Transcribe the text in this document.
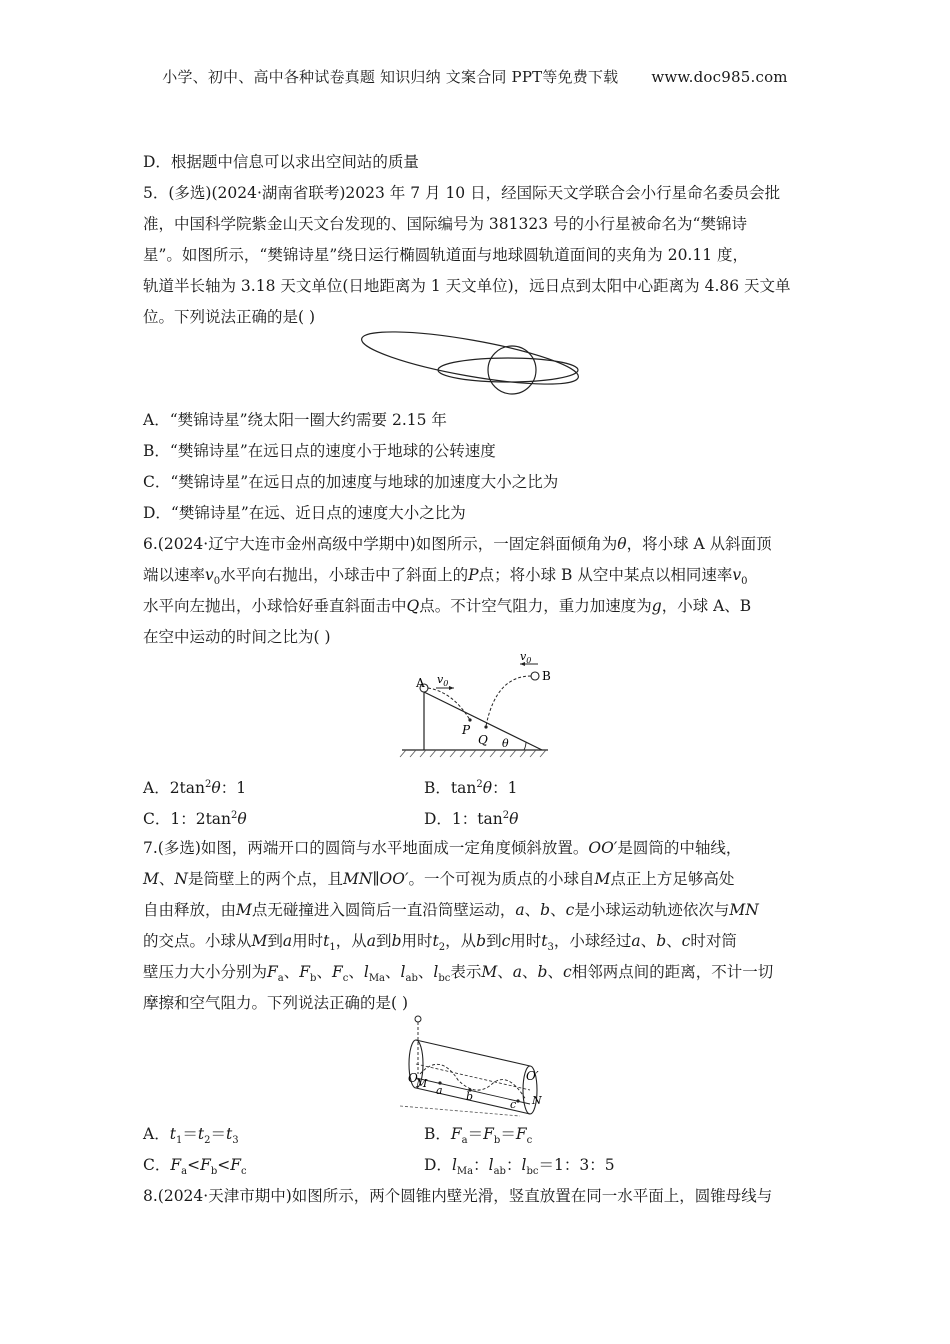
小学、初中、高中各种试卷真题 知识归纳 文案合同 PPT等免费下载 www.doc985.com
D．根据题中信息可以求出空间站的质量
5．(多选)(2024·湖南省联考)2023 年 7 月 10 日，经国际天文学联合会小行星命名委员会批
准，中国科学院紫金山天文台发现的、国际编号为 381323 号的小行星被命名为“樊锦诗
星”。如图所示，“樊锦诗星”绕日运行椭圆轨道面与地球圆轨道面间的夹角为 20.11 度，
轨道半长轴为 3.18 天文单位(日地距离为 1 天文单位)，远日点到太阳中心距离为 4.86 天文单
位。下列说法正确的是( )
A．“樊锦诗星”绕太阳一圈大约需要 2.15 年
B．“樊锦诗星”在远日点的速度小于地球的公转速度
C．“樊锦诗星”在远日点的加速度与地球的加速度大小之比为
D．“樊锦诗星”在远、近日点的速度大小之比为
6.(2024·辽宁大连市金州高级中学期中)如图所示，一固定斜面倾角为θ，将小球 A 从斜面顶
端以速率$v_0$水平向右抛出，小球击中了斜面上的P点；将小球 B 从空中某点以相同速率$v_0$
水平向左抛出，小球恰好垂直斜面击中Q点。不计空气阻力，重力加速度为g，小球 A、B
在空中运动的时间之比为( )
A	B
P
Q θ
$v_0$
$v_0$
A．$2\tan^2\theta$：1	B．$\tan^2\theta$：1
C．1：$2\tan^2\theta$	D．1：$\tan^2\theta$
7.(多选)如图，两端开口的圆筒与水平地面成一定角度倾斜放置。OO′是圆筒的中轴线，
M、N是筒壁上的两个点，且MN∥OO′。一个可视为质点的小球自M点正上方足够高处
自由释放，由M点无碰撞进入圆筒后一直沿筒壁运动，a、b、c是小球运动轨迹依次与MN
的交点。小球从M到a用时$t_1$，从a到b用时$t_2$，从b到c用时$t_3$，小球经过a、b、c时对筒
壁压力大小分别为$F_a$、$F_b$、$F_c$、$l_{Ma}$、$l_{ab}$、$l_{bc}$表示M、a、b、c相邻两点间的距离，不计一切
摩擦和空气阻力。下列说法正确的是( )
O
M
a b
c
O′
N
A．$t_1=t_2=t_3$	B．$F_a=F_b=F_c$
C．$F_a<F_b<F_c$	D．$l_{Ma}$：$l_{ab}$：$l_{bc}=1$：3：5
8.(2024·天津市期中)如图所示，两个圆锥内壁光滑，竖直放置在同一水平面上，圆锥母线与
